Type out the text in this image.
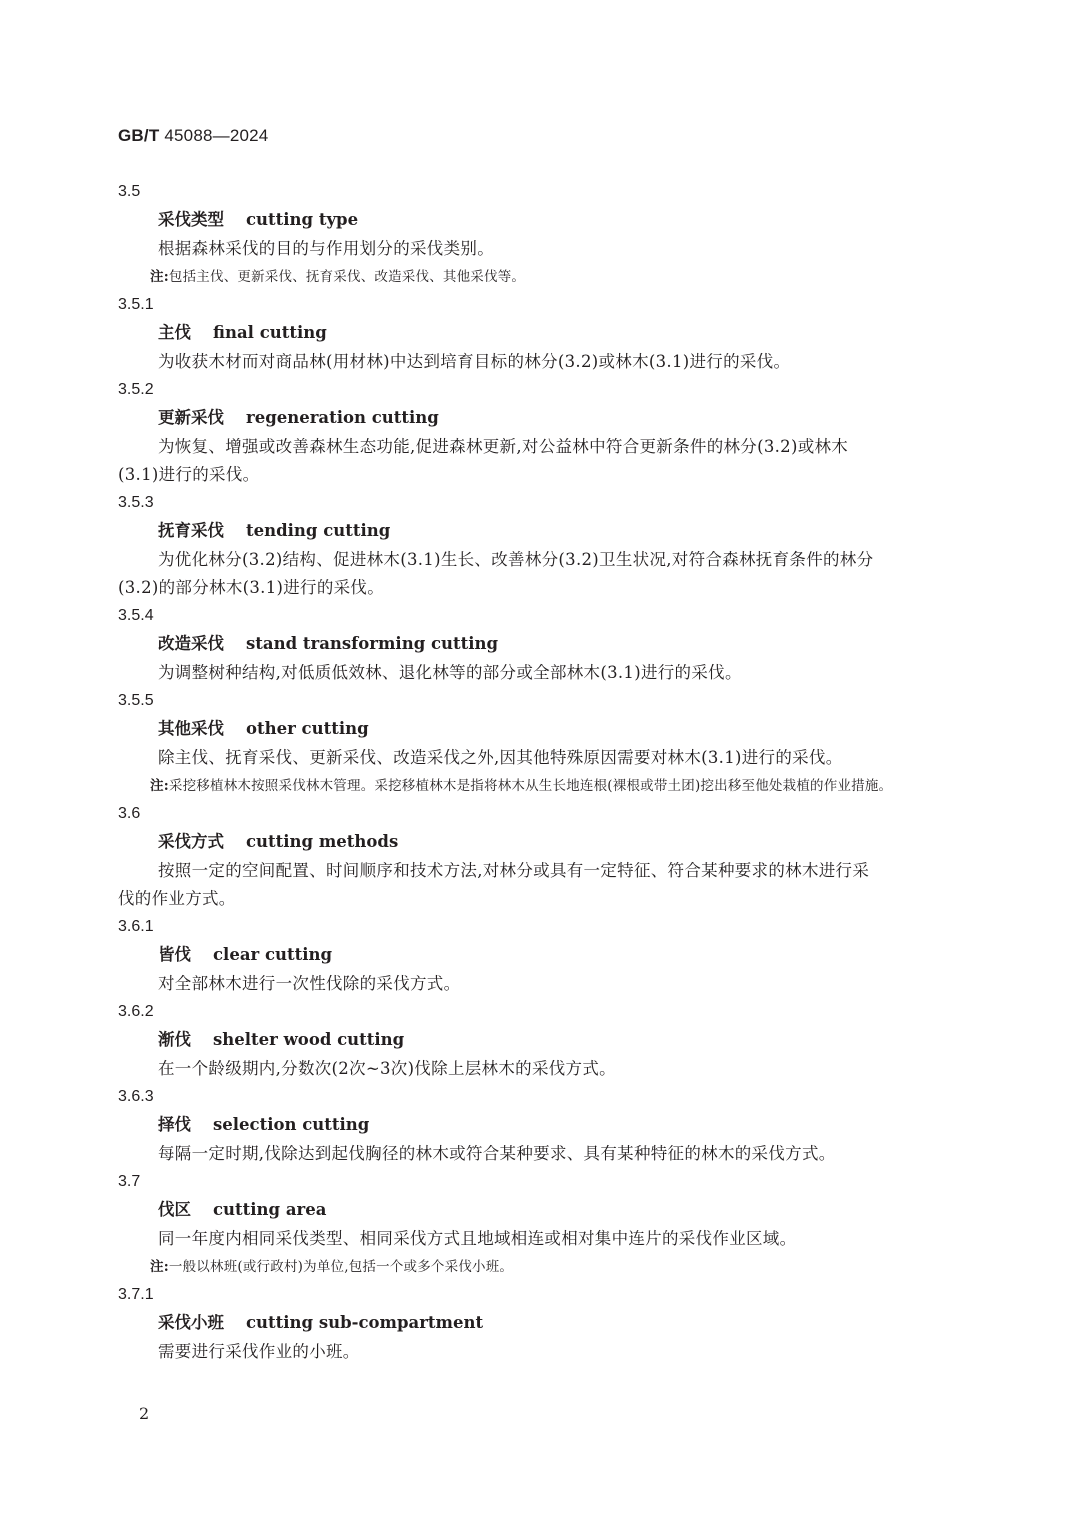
GB/T 45088—2024
3.5
采伐类型 cutting type
根据森林采伐的目的与作用划分的采伐类别。
注:包括主伐、更新采伐、抚育采伐、改造采伐、其他采伐等。
3.5.1
主伐 final cutting
为收获木材而对商品林(用材林)中达到培育目标的林分(3.2)或林木(3.1)进行的采伐。
3.5.2
更新采伐 regeneration cutting
为恢复、增强或改善森林生态功能,促进森林更新,对公益林中符合更新条件的林分(3.2)或林木
(3.1)进行的采伐。
3.5.3
抚育采伐 tending cutting
为优化林分(3.2)结构、促进林木(3.1)生长、改善林分(3.2)卫生状况,对符合森林抚育条件的林分
(3.2)的部分林木(3.1)进行的采伐。
3.5.4
改造采伐 stand transforming cutting
为调整树种结构,对低质低效林、退化林等的部分或全部林木(3.1)进行的采伐。
3.5.5
其他采伐 other cutting
除主伐、抚育采伐、更新采伐、改造采伐之外,因其他特殊原因需要对林木(3.1)进行的采伐。
注:采挖移植林木按照采伐林木管理。采挖移植林木是指将林木从生长地连根(裸根或带土团)挖出移至他处栽植的作业措施。
3.6
采伐方式 cutting methods
按照一定的空间配置、时间顺序和技术方法,对林分或具有一定特征、符合某种要求的林木进行采
伐的作业方式。
3.6.1
皆伐 clear cutting
对全部林木进行一次性伐除的采伐方式。
3.6.2
渐伐 shelter wood cutting
在一个龄级期内,分数次(2次~3次)伐除上层林木的采伐方式。
3.6.3
择伐 selection cutting
每隔一定时期,伐除达到起伐胸径的林木或符合某种要求、具有某种特征的林木的采伐方式。
3.7
伐区 cutting area
同一年度内相同采伐类型、相同采伐方式且地域相连或相对集中连片的采伐作业区域。
注:一般以林班(或行政村)为单位,包括一个或多个采伐小班。
3.7.1
采伐小班 cutting sub-compartment
需要进行采伐作业的小班。
2
